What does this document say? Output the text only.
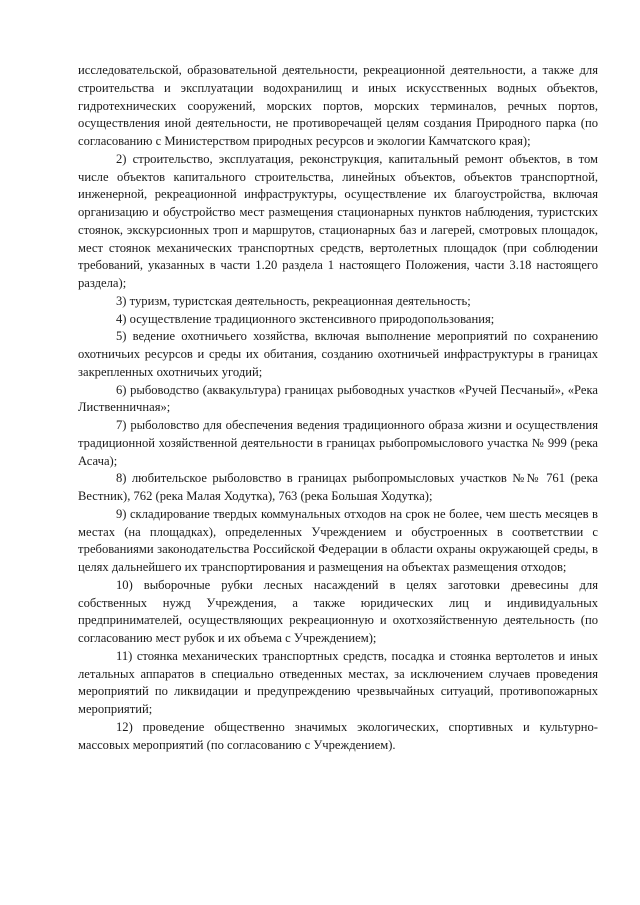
исследовательской, образовательной деятельности, рекреационной деятельности, а также для строительства и эксплуатации водохранилищ и иных искусственных водных объектов, гидротехнических сооружений, морских портов, морских терминалов, речных портов, осуществления иной деятельности, не противоречащей целям создания Природного парка (по согласованию с Министерством природных ресурсов и экологии Камчатского края);

2) строительство, эксплуатация, реконструкция, капитальный ремонт объектов, в том числе объектов капитального строительства, линейных объектов, объектов транспортной, инженерной, рекреационной инфраструктуры, осуществление их благоустройства, включая организацию и обустройство мест размещения стационарных пунктов наблюдения, туристских стоянок, экскурсионных троп и маршрутов, стационарных баз и лагерей, смотровых площадок, мест стоянок механических транспортных средств, вертолетных площадок (при соблюдении требований, указанных в части 1.20 раздела 1 настоящего Положения, части 3.18 настоящего раздела);

3) туризм, туристская деятельность, рекреационная деятельность;

4) осуществление традиционного экстенсивного природопользования;

5) ведение охотничьего хозяйства, включая выполнение мероприятий по сохранению охотничьих ресурсов и среды их обитания, созданию охотничьей инфраструктуры в границах закрепленных охотничьих угодий;

6) рыбоводство (аквакультура) границах рыбоводных участков «Ручей Песчаный», «Река Лиственничная»;

7) рыболовство для обеспечения ведения традиционного образа жизни и осуществления традиционной хозяйственной деятельности в границах рыбопромыслового участка № 999 (река Асача);

8) любительское рыболовство в границах рыбопромысловых участков №№ 761 (река Вестник), 762 (река Малая Ходутка), 763 (река Большая Ходутка);

9) складирование твердых коммунальных отходов на срок не более, чем шесть месяцев в местах (на площадках), определенных Учреждением и обустроенных в соответствии с требованиями законодательства Российской Федерации в области охраны окружающей среды, в целях дальнейшего их транспортирования и размещения на объектах размещения отходов;

10) выборочные рубки лесных насаждений в целях заготовки древесины для собственных нужд Учреждения, а также юридических лиц и индивидуальных предпринимателей, осуществляющих рекреационную и охотхозяйственную деятельность (по согласованию мест рубок и их объема с Учреждением);

11) стоянка механических транспортных средств, посадка и стоянка вертолетов и иных летальных аппаратов в специально отведенных местах, за исключением случаев проведения мероприятий по ликвидации и предупреждению чрезвычайных ситуаций, противопожарных мероприятий;

12) проведение общественно значимых экологических, спортивных и культурно-массовых мероприятий (по согласованию с Учреждением).
